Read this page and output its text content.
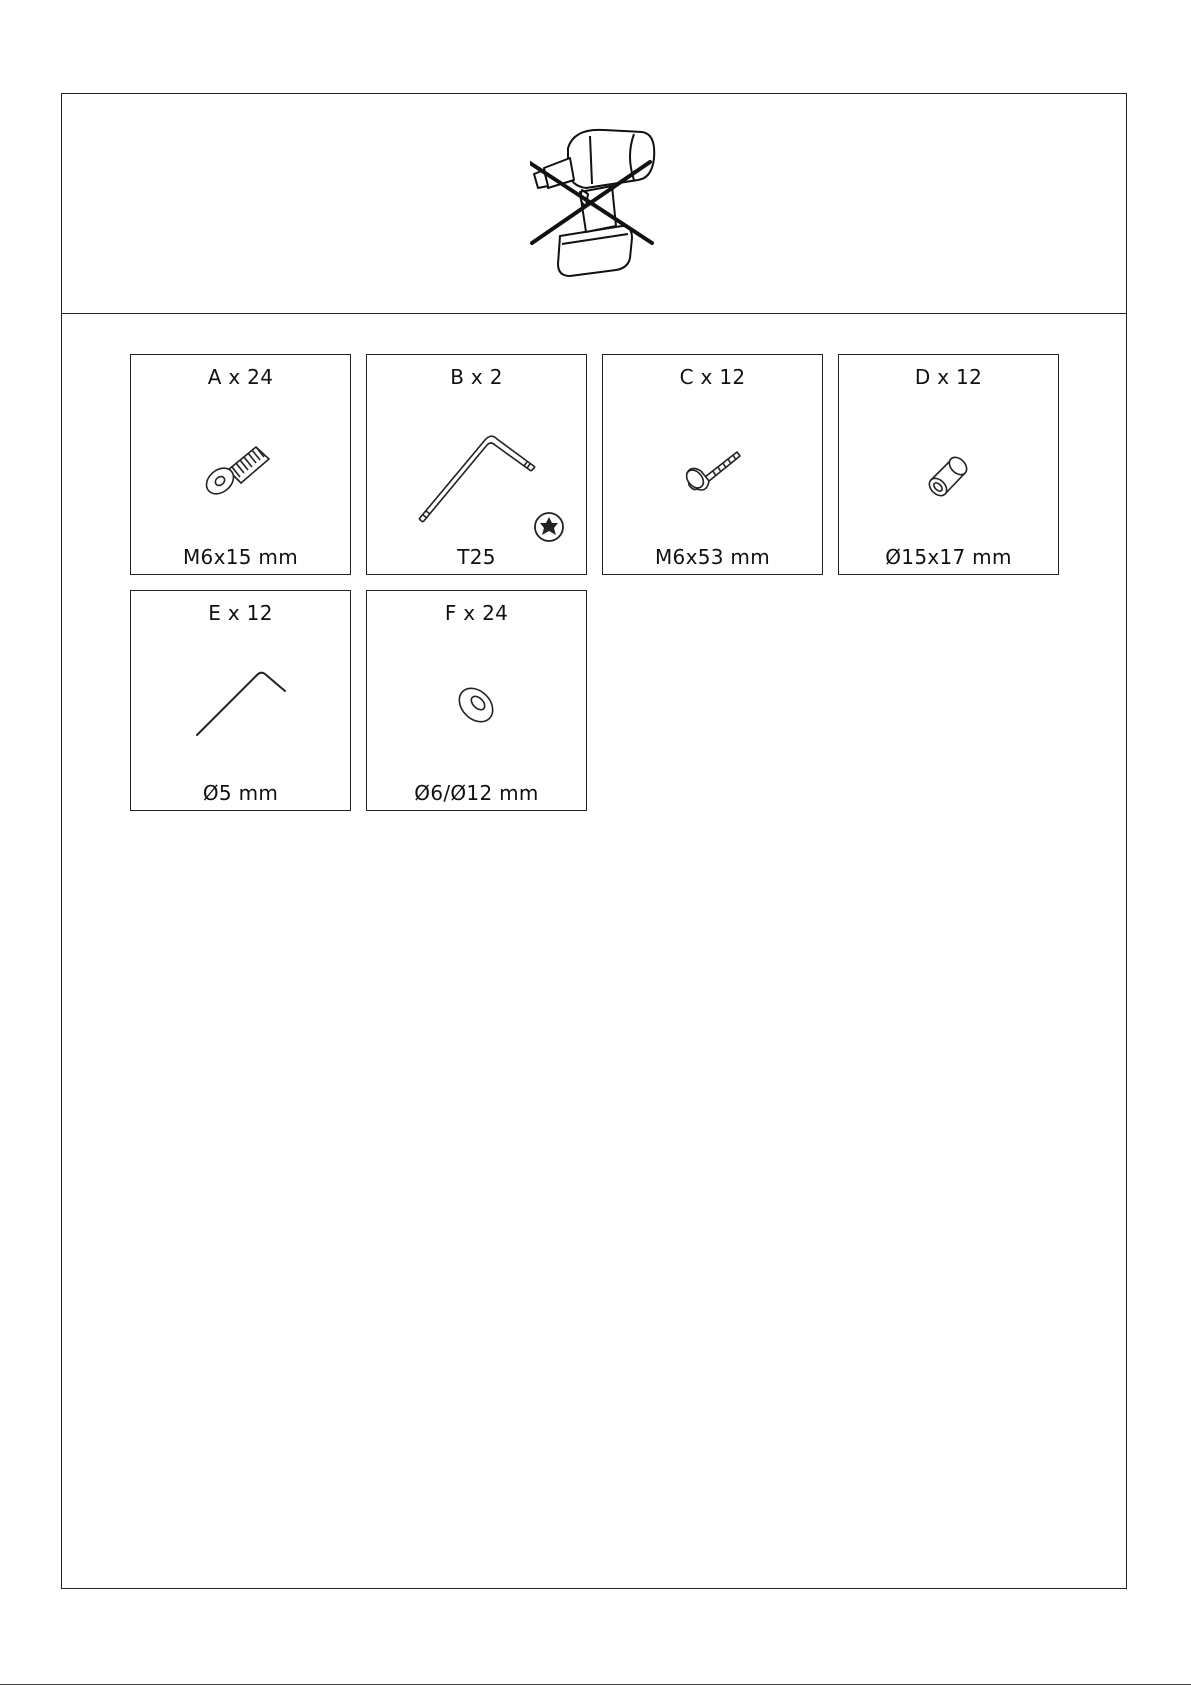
A x 24
M6x15 mm
B x 2
T25
C x 12
M6x53 mm
D x 12
Ø15x17 mm
E x 12
Ø5 mm
F x 24
Ø6/Ø12 mm
